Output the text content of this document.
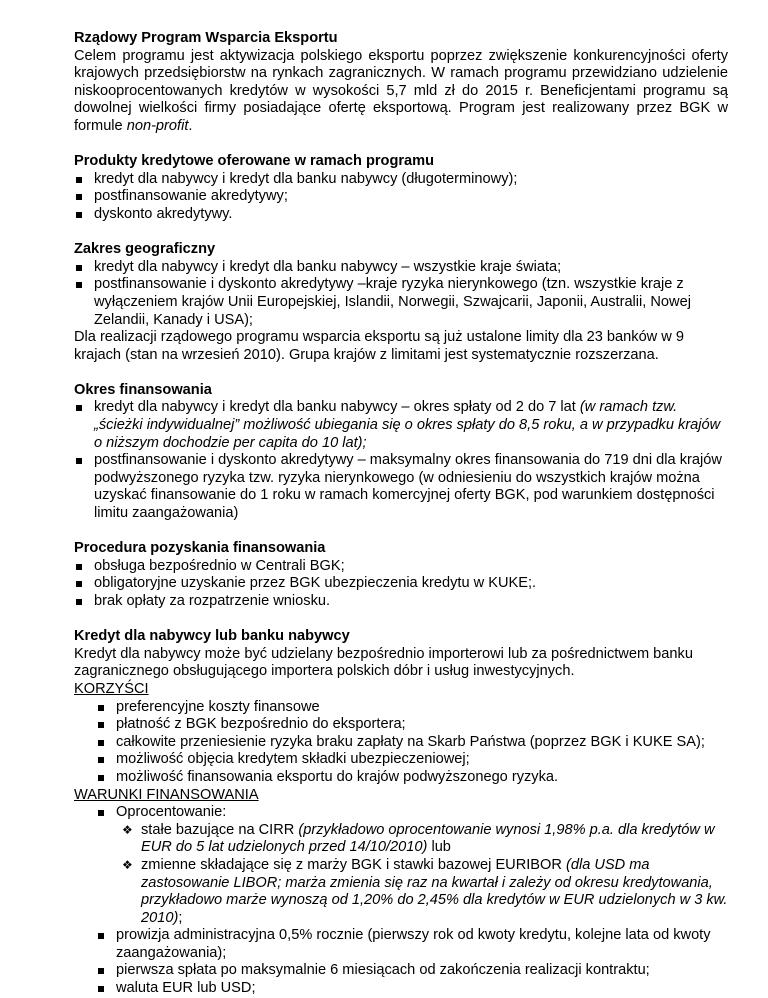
Rządowy Program Wsparcia Eksportu

Celem programu jest aktywizacja polskiego eksportu poprzez zwiększenie konkurencyjności oferty krajowych przedsiębiorstw na rynkach zagranicznych. W ramach programu przewidziano udzielenie niskooprocentowanych kredytów w wysokości 5,7 mld zł do 2015 r. Beneficjentami programu są dowolnej wielkości firmy posiadające ofertę eksportową. Program jest realizowany przez BGK w formule non-profit.

Produkty kredytowe oferowane w ramach programu

kredyt dla nabywcy i kredyt dla banku nabywcy (długoterminowy);
postfinansowanie akredytywy;
dyskonto akredytywy.

Zakres geograficzny

kredyt dla nabywcy i kredyt dla banku nabywcy – wszystkie kraje świata;
postfinansowanie i dyskonto akredytywy –kraje ryzyka nierynkowego (tzn. wszystkie kraje z wyłączeniem krajów Unii Europejskiej, Islandii, Norwegii, Szwajcarii, Japonii, Australii, Nowej Zelandii, Kanady i USA);

Dla realizacji rządowego programu wsparcia eksportu są już ustalone limity dla 23 banków w 9 krajach (stan na wrzesień 2010). Grupa krajów z limitami jest systematycznie rozszerzana.

Okres finansowania

kredyt dla nabywcy i kredyt dla banku nabywcy – okres spłaty od 2 do 7 lat (w ramach tzw. „ścieżki indywidualnej” możliwość ubiegania się o okres spłaty do 8,5 roku, a w przypadku krajów o niższym dochodzie per capita do 10 lat);
postfinansowanie i dyskonto akredytywy – maksymalny okres finansowania do 719 dni dla krajów podwyższonego ryzyka tzw. ryzyka nierynkowego (w odniesieniu do wszystkich krajów można uzyskać finansowanie do 1 roku w ramach komercyjnej oferty BGK, pod warunkiem dostępności limitu zaangażowania)

Procedura pozyskania finansowania

obsługa bezpośrednio w Centrali BGK;
obligatoryjne uzyskanie przez BGK ubezpieczenia kredytu w KUKE;.
brak opłaty za rozpatrzenie wniosku.

Kredyt dla nabywcy lub banku nabywcy

Kredyt dla nabywcy może być udzielany bezpośrednio importerowi lub za pośrednictwem banku zagranicznego obsługującego importera polskich dóbr i usług inwestycyjnych.

KORZYŚCI

preferencyjne koszty finansowe
płatność z BGK bezpośrednio do eksportera;
całkowite przeniesienie ryzyka braku zapłaty na Skarb Państwa (poprzez BGK i KUKE SA);
możliwość objęcia kredytem składki ubezpieczeniowej;
możliwość finansowania eksportu do krajów podwyższonego ryzyka.

WARUNKI FINANSOWANIA

Oprocentowanie:
❖ stałe bazujące na CIRR (przykładowo oprocentowanie wynosi 1,98% p.a. dla kredytów w EUR do 5 lat udzielonych przed 14/10/2010) lub
❖ zmienne składające się z marży BGK i stawki bazowej EURIBOR (dla USD ma zastosowanie LIBOR; marża zmienia się raz na kwartał i zależy od okresu kredytowania, przykładowo marże wynoszą od 1,20% do 2,45% dla kredytów w EUR udzielonych w 3 kw. 2010);
prowizja administracyjna 0,5% rocznie (pierwszy rok od kwoty kredytu, kolejne lata od kwoty zaangażowania);
pierwsza spłata po maksymalnie 6 miesiącach od zakończenia realizacji kontraktu;
waluta EUR lub USD;
